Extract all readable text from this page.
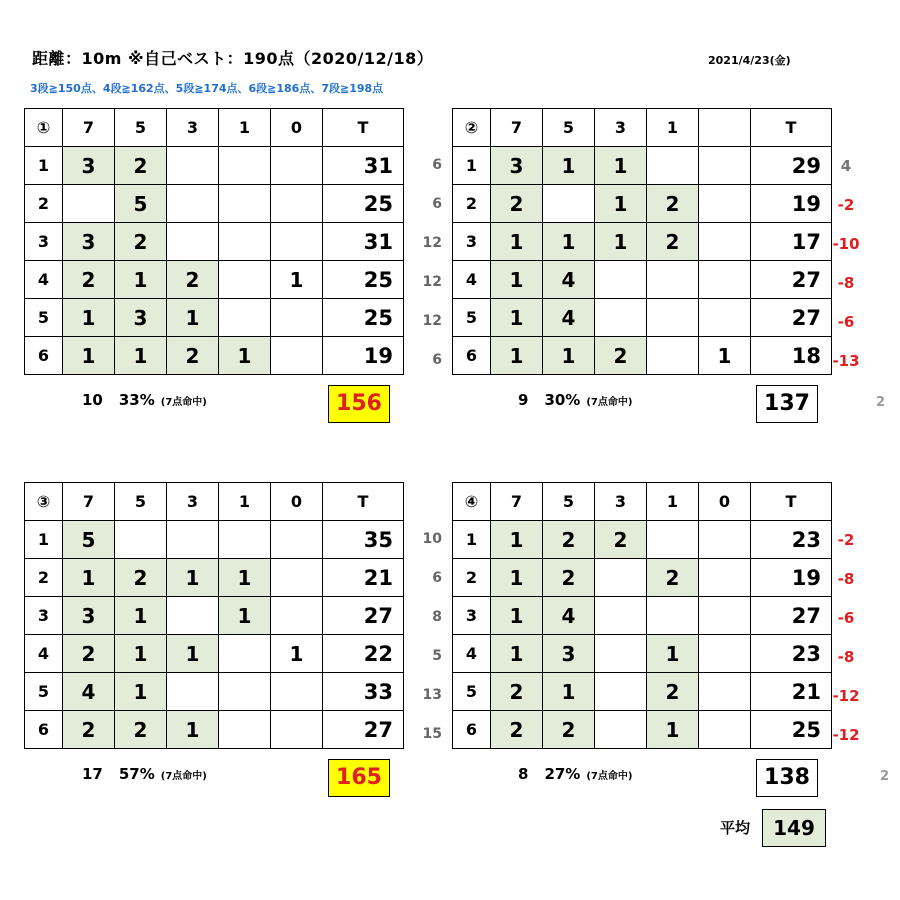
距離：10m ※自己ベスト：190点（2020/12/18）	2021/4/23(金)
3段≧150点、4段≧162点、5段≧174点、6段≧186点、7段≧198点
①	7	5	3	1	0	T
1	3	2				31
2		5				25
3	3	2				31
4	2	1	2		1	25
5	1	3	1			25
6	1	1	2	1		19
10 33% (7点命中)	156
6	4
6	-2
12	-10
12	-8
12	-6
6	-13
②	7	5	3	1		T
1	3	1	1			29
2	2		1	2		19
3	1	1	1	2		17
4	1	4				27
5	1	4				27
6	1	1	2		1	18
9 30% (7点命中)	137	2
③	7	5	3	1	0	T
1	5					35
2	1	2	1	1		21
3	3	1		1		27
4	2	1	1		1	22
5	4	1				33
6	2	2	1			27
17 57% (7点命中)	165
10	-2
6	-8
8	-6
5	-8
13	-12
15	-12
④	7	5	3	1	0	T
1	1	2	2			23
2	1	2		2		19
3	1	4				27
4	1	3		1		23
5	2	1		2		21
6	2	2		1		25
8 27% (7点命中)	138	2
平均	149
